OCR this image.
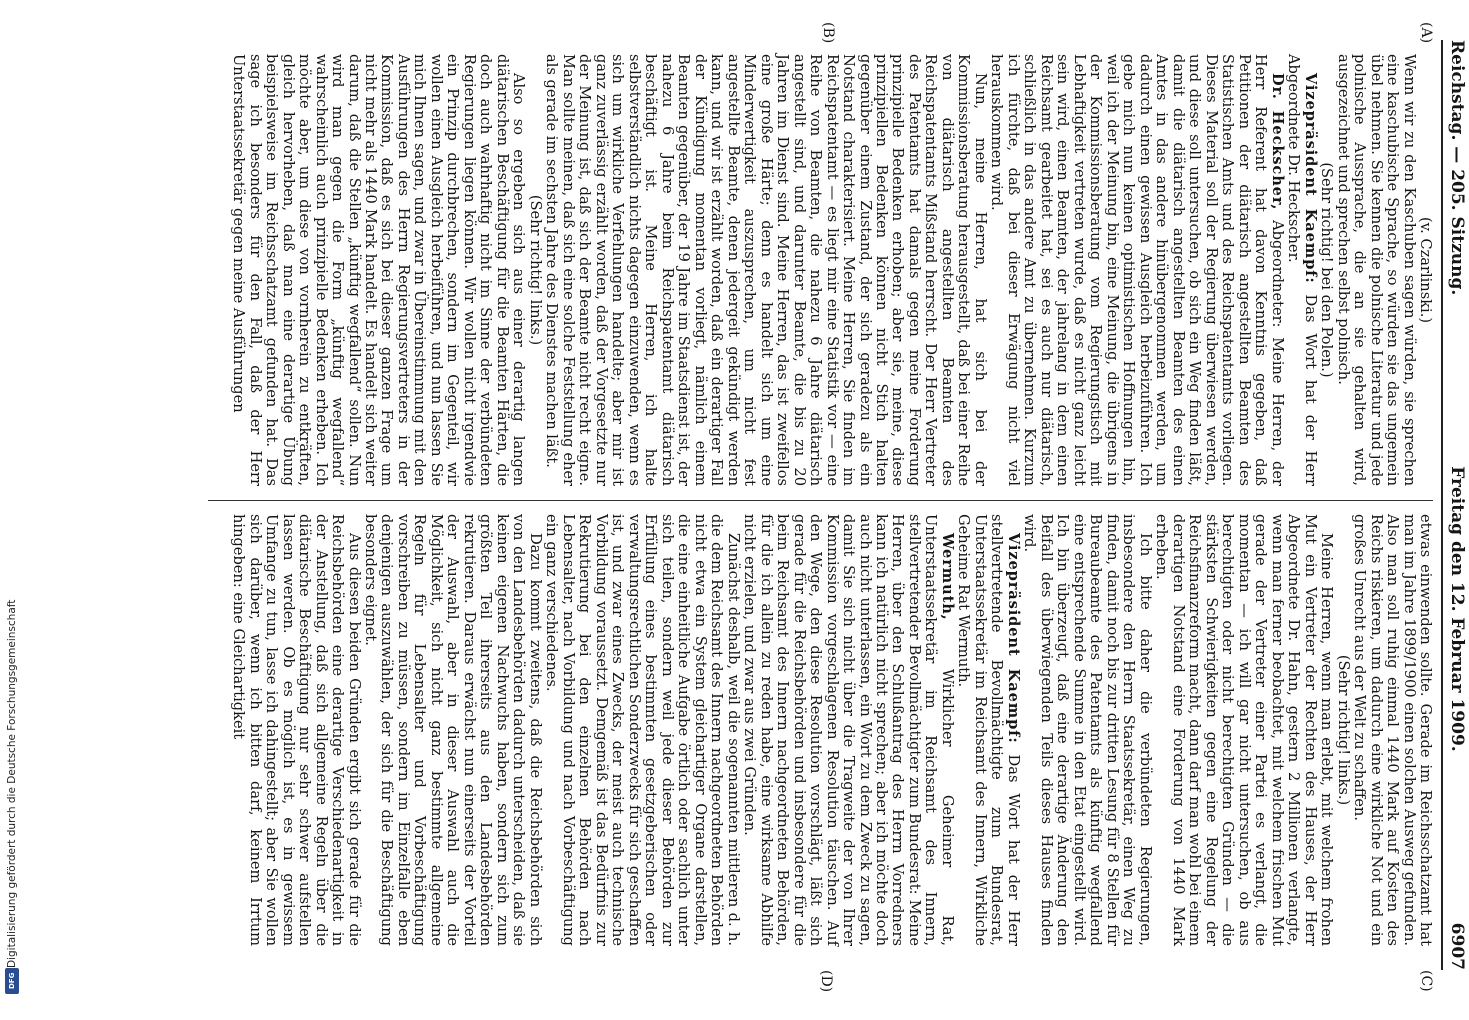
Reichstag. — 205. Sitzung.
Freitag den 12. Februar 1909.
6907
(A)
(B)
(C)
(D)

(v. Czarlinski.)

Wenn wir zu den Kaschuben sagen würden, sie sprechen eine kaschubische Sprache, so würden sie das ungemein übel nehmen. Sie kennen die polnische Literatur und jede polnische Aussprache, die an sie gehalten wird, ausgezeichnet und sprechen selbst polnisch.

(Sehr richtig! bei den Polen.)

Vizepräsident Kaempf: Das Wort hat der Herr Abgeordnete Dr. Heckscher.

Dr. Heckscher, Abgeordneter: Meine Herren, der Herr Referent hat davon Kenntnis gegeben, daß Petitionen der diätarisch angestellten Beamten des Statistischen Amts und des Reichspatentamts vorliegen. Dieses Material soll der Regierung überwiesen werden, und diese soll untersuchen, ob sich ein Weg finden läßt, damit die diätarisch angestellten Beamten des einen Amtes in das andere hinübergenommen werden, um dadurch einen gewissen Ausgleich herbeizuführen. Ich gebe mich nun keinen optimistischen Hoffnungen hin, weil ich der Meinung bin, eine Meinung, die übrigens in der Kommissionsberatung vom Regierungstisch mit Lebhaftigkeit vertreten wurde, daß es nicht ganz leicht sein wird, einen Beamten, der jahrelang in dem einen Reichsamt gearbeitet hat, sei es auch nur diätarisch, schließlich in das andere Amt zu übernehmen. Kurzum ich fürchte, daß bei dieser Erwägung nicht viel herauskommen wird.

Nun, meine Herren, hat sich bei der Kommissionsberatung herausgestellt, daß bei einer Reihe von diätarisch angestellten Beamten des Reichspatentamts Mißstand herrscht. Der Herr Vertreter des Patentamts hat damals gegen meine Forderung prinzipielle Bedenken erhoben; aber sie, meine, diese prinzipiellen Bedenken können nicht Stich halten gegenüber einem Zustand, der sich geradezu als ein Notstand charakterisiert. Meine Herren, Sie finden im Reichspatentamt — es liegt mir eine Statistik vor — eine Reihe von Beamten, die nahezu 6 Jahre diätarisch angestellt sind, und darunter Beamte, die bis zu 20 Jahren im Dienst sind. Meine Herren, das ist zweifellos eine große Härte; denn es handelt sich um eine Minderwertigkeit auszusprechen, um nicht fest angestellte Beamte, denen jedergeit gekündigt werden kann, und wir ist erzählt worden, daß ein derartiger Fall der Kündigung momentan vorliegt, nämlich einem Beamten gegenüber, der 19 Jahre im Staatsdienst ist, der nahezu 6 Jahre beim Reichspatentamt diätarisch beschäftigt ist. Meine Herren, ich halte selbstverständlich nichts dagegen einzuwenden, wenn es sich um wirkliche Verfehlungen handelte; aber mir ist ganz zuverlässig erzählt worden, daß der Vorgesetzte nur der Meinung ist, daß sich der Beamte nicht recht eigne. Man sollte meinen, daß sich eine solche Feststellung eher als gerade im sechsten Jahre des Dienstes machen läßt.

(Sehr richtig! links.)

Also so ergeben sich aus einer derartig langen diätarischen Beschäftigung für die Beamten Härten, die doch auch wahrhaftig nicht im Sinne der verbündeten Regierungen liegen können. Wir wollen nicht irgendwie ein Prinzip durchbrechen, sondern im Gegenteil, wir wollen einen Ausgleich herbeiführen, und nun lassen Sie mich Ihnen sagen, und zwar in Übereinstimmung mit den Ausführungen des Herrn Regierungsvertreters in der Kommission, daß es sich bei dieser ganzen Frage um nicht mehr als 1440 Mark handelt. Es handelt sich weiter darum, daß die Stellen „künftig wegfallend“ sollen. Nun wird man gegen die Form „künftig wegfallend“ wahrscheinlich auch prinzipielle Bedenken erheben. Ich möchte aber, um diese von vornherein zu entkräften, gleich hervorheben, daß man eine derartige Übung beispielsweise im Reichsschatzamt gefunden hat. Das sage ich besonders für den Fall, daß der Herr Unterstaatssekretär gegen meine Ausführungen

etwas einwenden sollte. Gerade im Reichsschatzamt hat man im Jahre 1899/1900 einen solchen Ausweg gefunden. Also man soll ruhig einmal 1440 Mark auf Kosten des Reichs riskieren, um dadurch eine wirkliche Not und ein großes Unrecht aus der Welt zu schaffen.

(Sehr richtig! links.)

Meine Herren, wenn man erlebt, mit welchem frohen Mut ein Vertreter der Rechten des Hauses, der Herr Abgeordnete Dr. Hahn, gestern 2 Millionen verlangte, wenn man ferner beobachtet, mit welchem frischen Mut gerade der Vertreter einer Partei es verlangt, die momentan — ich will gar nicht untersuchen, ob aus berechtigten oder nicht berechtigten Gründen — die stärksten Schwierigkeiten gegen eine Regelung der Reichsfinanzreform macht, dann darf man wohl bei einem derartigen Notstand eine Forderung von 1440 Mark erheben.

Ich bitte daher die verbündeten Regierungen, insbesondere den Herrn Staatssekretär, einen Weg zu finden, damit noch bis zur dritten Lesung für 8 Stellen für Bureaubeamte des Patentamts als künftig wegfallend eine entsprechende Summe in den Etat eingestellt wird. Ich bin überzeugt, daß eine derartige Änderung den Beifall des überwiegenden Teils dieses Hauses finden wird.

Vizepräsident Kaempf: Das Wort hat der Herr stellvertretende Bevollmächtigte zum Bundesrat, Unterstaatssekretär im Reichsamt des Innern, Wirkliche Geheime Rat Wermuth.

Wermuth, Wirklicher Geheimer Rat, Unterstaatssekretär im Reichsamt des Innern, stellvertretender Bevollmächtigter zum Bundesrat: Meine Herren, über den Schlußantrag des Herrn Vorredners kann ich natürlich nicht sprechen; aber ich möchte doch auch nicht unterlassen, ein Wort zu dem Zweck zu sagen, damit Sie sich nicht über die Tragweite der von Ihrer Kommission vorgeschlagenen Resolution täuschen. Auf den Wege, den diese Resolution vorschlägt, läßt sich gerade für die Reichsbehörden und insbesondere für die beim Reichsamt des Innern nachgeordneten Behörden, für die ich allein zu reden habe, eine wirksame Abhilfe nicht erzielen, und zwar aus zwei Gründen.

Zunächst deshalb, weil die sogenannten mittleren d. h. die dem Reichsamt des Innern nachgeordneten Behörden nicht etwa ein System gleichartiger Organe darstellen, die eine einheitliche Aufgabe örtlich oder sachlich unter sich teilen, sondern weil jede dieser Behörden zur Erfüllung eines bestimmten gesetzgeberischen oder verwaltungsrechtlichen Sonderzwecks für sich geschaffen ist, und zwar eines Zwecks, der meist auch technische Vorbildung voraussetzt. Demgemäß ist das Bedürfnis zur Rekrutierung bei den einzelnen Behörden nach Lebensalter, nach Vorbildung und nach Vorbeschäftigung ein ganz verschiedenes.

Dazu kommt zweitens, daß die Reichsbehörden sich von den Landesbehörden dadurch unterscheiden, daß sie keinen eigenen Nachwuchs haben, sondern sich zum größten Teil ihrerseits aus den Landesbehörden rekrutieren. Daraus erwächst nun einerseits der Vorteil der Auswahl, aber in dieser Auswahl auch die Möglichkeit, sich nicht ganz bestimmte allgemeine Regeln für Lebensalter und Vorbeschäftigung vorschreiben zu müssen, sondern im Einzelfalle eben denjenigen auszuwählen, der sich für die Beschäftigung besonders eignet.

Aus diesen beiden Gründen ergibt sich gerade für die Reichsbehörden eine derartige Verschiedenartigkeit in der Anstellung, daß sich allgemeine Regeln über die diätarische Beschäftigung nur sehr schwer aufstellen lassen werden. Ob es möglich ist, es in gewissem Umfange zu tun, lasse ich dahingestellt; aber Sie wollen sich darüber, wenn ich bitten darf, keinem Irrtum hingeben: eine Gleichartigkeit

Digitalisierung gefördert durch die Deutsche Forschungsgemeinschaft
DFG
